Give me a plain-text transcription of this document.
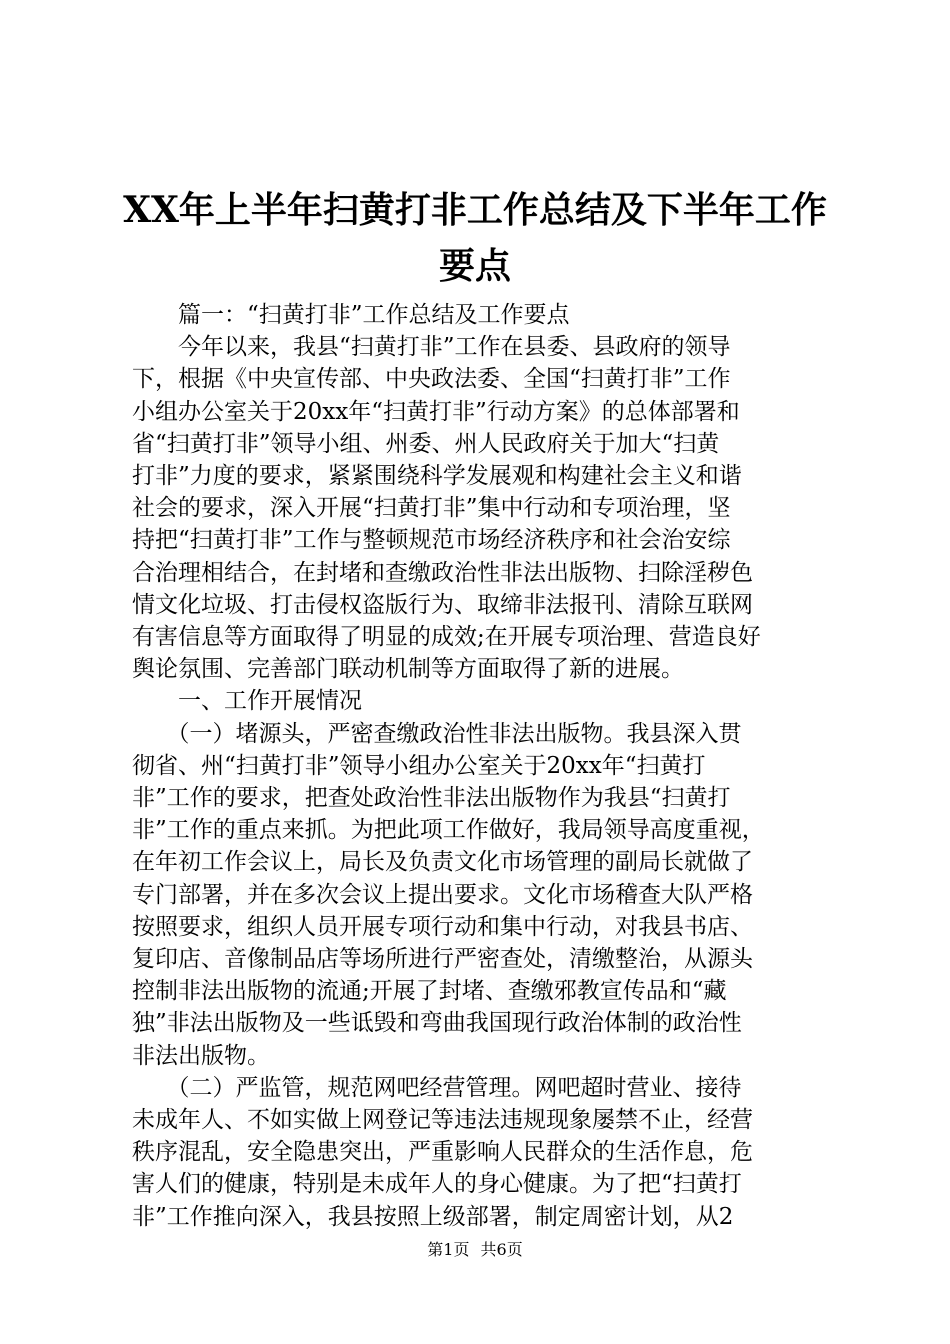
XX年上半年扫黄打非工作总结及下半年工作
要点
　　篇一：“扫黄打非”工作总结及工作要点
　　今年以来，我县“扫黄打非”工作在县委、县政府的领导
下，根据《中央宣传部、中央政法委、全国“扫黄打非”工作
小组办公室关于20xx年“扫黄打非”行动方案》的总体部署和
省“扫黄打非”领导小组、州委、州人民政府关于加大“扫黄
打非”力度的要求，紧紧围绕科学发展观和构建社会主义和谐
社会的要求，深入开展“扫黄打非”集中行动和专项治理，坚
持把“扫黄打非”工作与整顿规范市场经济秩序和社会治安综
合治理相结合，在封堵和查缴政治性非法出版物、扫除淫秽色
情文化垃圾、打击侵权盗版行为、取缔非法报刊、清除互联网
有害信息等方面取得了明显的成效;在开展专项治理、营造良好
舆论氛围、完善部门联动机制等方面取得了新的进展。
　　一、工作开展情况
　　（一）堵源头，严密查缴政治性非法出版物。我县深入贯
彻省、州“扫黄打非”领导小组办公室关于20xx年“扫黄打
非”工作的要求，把查处政治性非法出版物作为我县“扫黄打
非”工作的重点来抓。为把此项工作做好，我局领导高度重视，
在年初工作会议上，局长及负责文化市场管理的副局长就做了
专门部署，并在多次会议上提出要求。文化市场稽查大队严格
按照要求，组织人员开展专项行动和集中行动，对我县书店、
复印店、音像制品店等场所进行严密查处，清缴整治，从源头
控制非法出版物的流通;开展了封堵、查缴邪教宣传品和“藏
独”非法出版物及一些诋毁和弯曲我国现行政治体制的政治性
非法出版物。
　　（二）严监管，规范网吧经营管理。网吧超时营业、接待
未成年人、不如实做上网登记等违法违规现象屡禁不止，经营
秩序混乱，安全隐患突出，严重影响人民群众的生活作息，危
害人们的健康，特别是未成年人的身心健康。为了把“扫黄打
非”工作推向深入，我县按照上级部署，制定周密计划，从2
第1页 共6页
